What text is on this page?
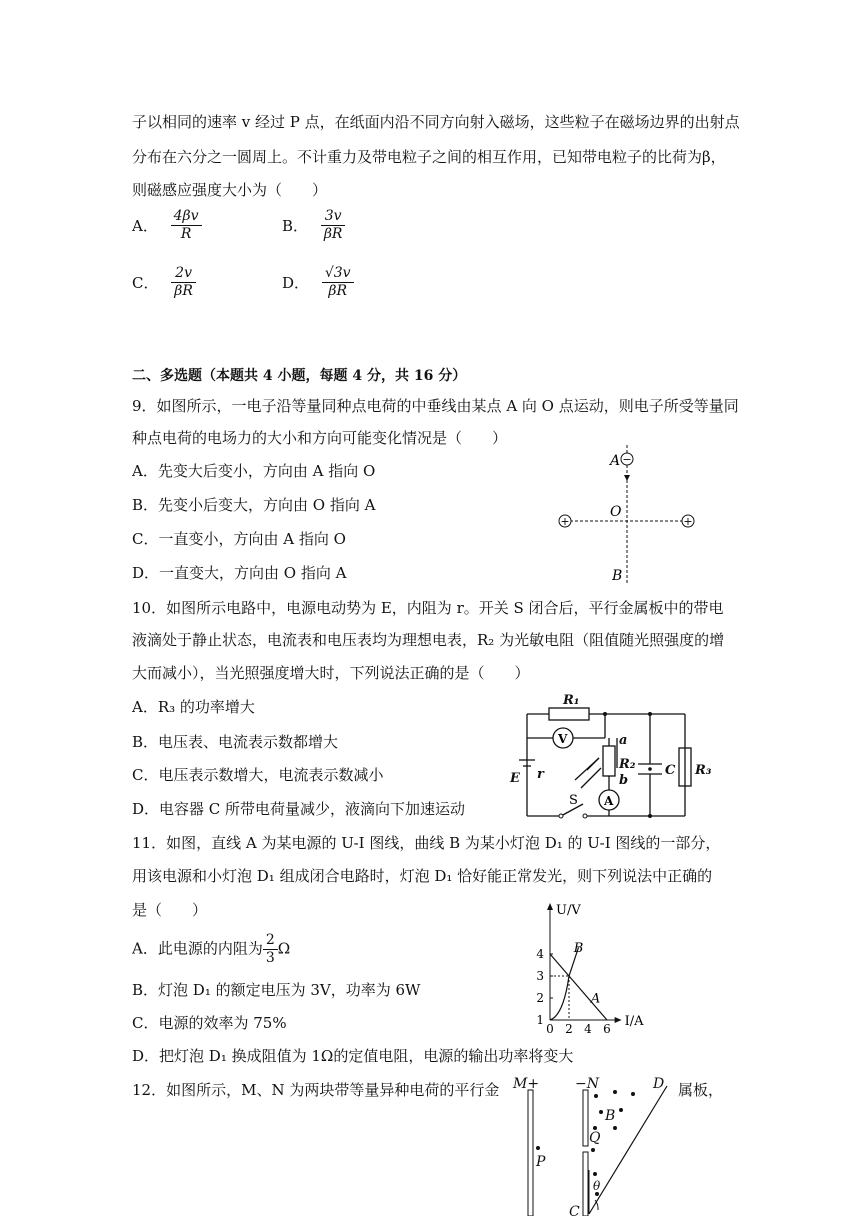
子以相同的速率 v 经过 P 点，在纸面内沿不同方向射入磁场，这些粒子在磁场边界的出射点
分布在六分之一圆周上。不计重力及带电粒子之间的相互作用，已知带电粒子的比荷为β，
则磁感应强度大小为（　　）
A． $\frac{4\beta v}{R}$	B． $\frac{3v}{\beta R}$
C． $\frac{2v}{\beta R}$	D． $\frac{√3v}{\beta R}$
二、多选题（本题共 4 小题，每题 4 分，共 16 分）
9．如图所示，一电子沿等量同种点电荷的中垂线由某点 A 向 O 点运动，则电子所受等量同
种点电荷的电场力的大小和方向可能变化情况是（　　）
A．先变大后变小，方向由 A 指向 O
B．先变小后变大，方向由 O 指向 A
C．一直变小，方向由 A 指向 O
D．一直变大，方向由 O 指向 A
−
+	+
A
O
B
10．如图所示电路中，电源电动势为 E，内阻为 r。开关 S 闭合后，平行金属板中的带电
液滴处于静止状态，电流表和电压表均为理想电表，R₂ 为光敏电阻（阻值随光照强度的增
大而减小），当光照强度增大时，下列说法正确的是（　　）
A．R₃ 的功率增大
B．电压表、电流表示数都增大
C．电压表示数增大，电流表示数减小
D．电容器 C 所带电荷量减少，液滴向下加速运动
R₁
R₂	R₃
C
E r
a
b
V
A
S
11．如图，直线 A 为某电源的 U-I 图线，曲线 B 为某小灯泡 D₁ 的 U-I 图线的一部分，
用该电源和小灯泡 D₁ 组成闭合电路时，灯泡 D₁ 恰好能正常发光，则下列说法中正确的
是（　　）
A．此电源的内阻为 $\frac{2}{3}$ Ω
B．灯泡 D₁ 的额定电压为 3V，功率为 6W
C．电源的效率为 75%
D．把灯泡 D₁ 换成阻值为 1Ω的定值电阻，电源的输出功率将变大
I/A
U/V
0 2 4 6
1
2
3
4
A
B
12．如图所示，M、N 为两块带等量异种电荷的平行金	属板，
M+	−N	D
B
Q
P
C
θ
